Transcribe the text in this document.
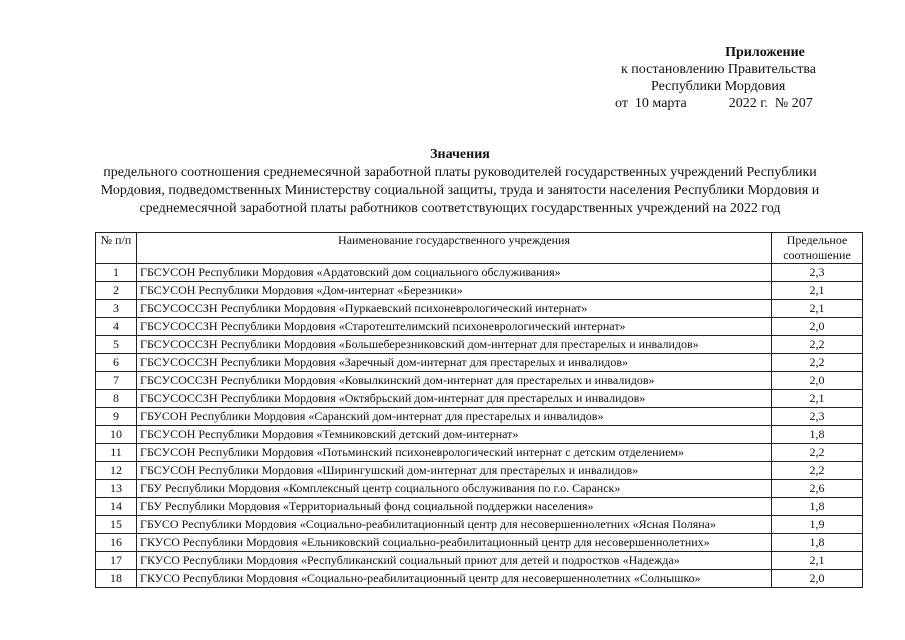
Приложение
к постановлению Правительства
Республики Мордовия
от  10 марта            2022 г.  № 207
Значения
предельного соотношения среднемесячной заработной платы руководителей государственных учреждений Республики
Мордовия, подведомственных Министерству социальной защиты, труда и занятости населения Республики Мордовия и
среднемесячной заработной платы работников соответствующих государственных учреждений на 2022 год
№ п/п	Наименование государственного учреждения	Предельное
соотношение

1	ГБСУСОН Республики Мордовия «Ардатовский дом социального обслуживания»	2,3
2	ГБСУСОН Республики Мордовия «Дом-интернат «Березники»	2,1
3	ГБСУСОССЗН Республики Мордовия «Пуркаевский психоневрологический интернат»	2,1
4	ГБСУСОССЗН Республики Мордовия «Старотештелимский психоневрологический интернат»	2,0
5	ГБСУСОССЗН Республики Мордовия «Большеберезниковский дом-интернат для престарелых и инвалидов»	2,2
6	ГБСУСОССЗН Республики Мордовия «Заречный дом-интернат для престарелых и инвалидов»	2,2
7	ГБСУСОССЗН Республики Мордовия «Ковылкинский дом-интернат для престарелых и инвалидов»	2,0
8	ГБСУСОССЗН Республики Мордовия «Октябрьский дом-интернат для престарелых и инвалидов»	2,1
9	ГБУСОН Республики Мордовия «Саранский дом-интернат для престарелых и инвалидов»	2,3
10	ГБСУСОН Республики Мордовия «Темниковский детский дом-интернат»	1,8
11	ГБСУСОН Республики Мордовия «Потьминский психоневрологический интернат с детским отделением»	2,2
12	ГБСУСОН Республики Мордовия «Ширингушский дом-интернат для престарелых и инвалидов»	2,2
13	ГБУ Республики Мордовия «Комплексный центр социального обслуживания по г.о. Саранск»	2,6
14	ГБУ Республики Мордовия «Территориальный фонд социальной поддержки населения»	1,8
15	ГБУСО Республики Мордовия «Социально-реабилитационный центр для несовершеннолетних «Ясная Поляна»	1,9
16	ГКУСО Республики Мордовия «Ельниковский социально-реабилитационный центр для несовершеннолетних»	1,8
17	ГКУСО Республики Мордовия «Республиканский социальный приют для детей и подростков «Надежда»	2,1
18	ГКУСО Республики Мордовия «Социально-реабилитационный центр для несовершеннолетних «Солнышко»	2,0
